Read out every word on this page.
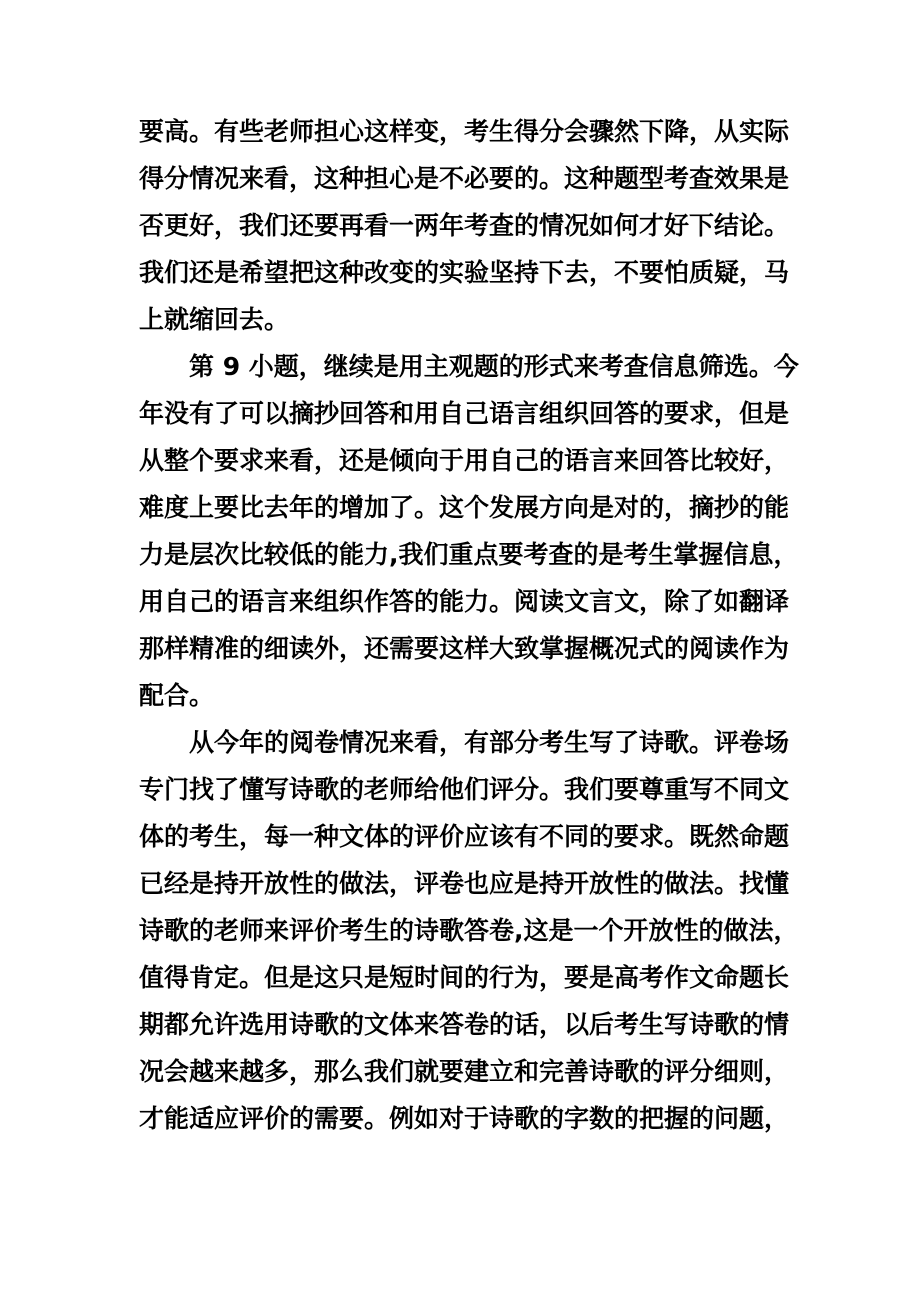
要高。有些老师担心这样变，考生得分会骤然下降，从实际
得分情况来看，这种担心是不必要的。这种题型考查效果是
否更好，我们还要再看一两年考查的情况如何才好下结论。
我们还是希望把这种改变的实验坚持下去，不要怕质疑，马
上就缩回去。

第 9 小题，继续是用主观题的形式来考查信息筛选。今
年没有了可以摘抄回答和用自己语言组织回答的要求，但是
从整个要求来看，还是倾向于用自己的语言来回答比较好，
难度上要比去年的增加了。这个发展方向是对的，摘抄的能
力是层次比较低的能力,我们重点要考查的是考生掌握信息，
用自己的语言来组织作答的能力。阅读文言文，除了如翻译
那样精准的细读外，还需要这样大致掌握概况式的阅读作为
配合。

从今年的阅卷情况来看，有部分考生写了诗歌。评卷场
专门找了懂写诗歌的老师给他们评分。我们要尊重写不同文
体的考生，每一种文体的评价应该有不同的要求。既然命题
已经是持开放性的做法，评卷也应是持开放性的做法。找懂
诗歌的老师来评价考生的诗歌答卷,这是一个开放性的做法，
值得肯定。但是这只是短时间的行为，要是高考作文命题长
期都允许选用诗歌的文体来答卷的话，以后考生写诗歌的情
况会越来越多，那么我们就要建立和完善诗歌的评分细则，
才能适应评价的需要。例如对于诗歌的字数的把握的问题，
